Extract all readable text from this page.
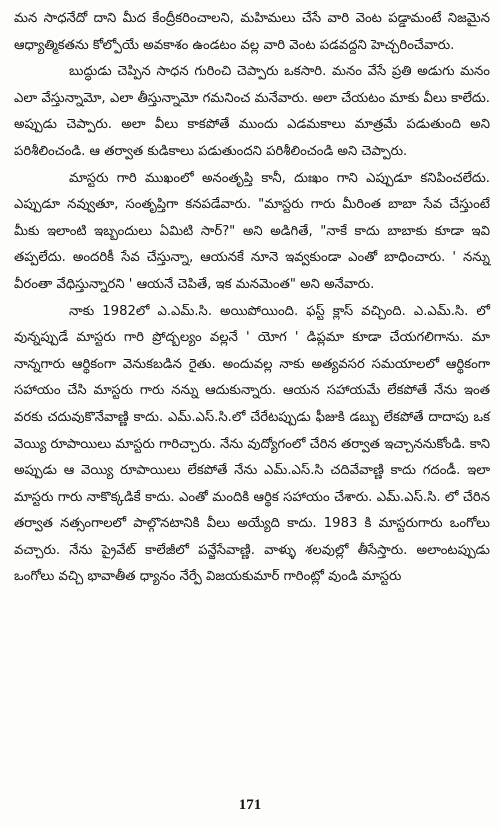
మన సాధనేదో దాని మీద కేంద్రీకరించాలని, మహిమలు చేసే వారి వెంట పడ్డామంటే నిజమైన ఆధ్యాత్మికతను కోల్పోయే అవకాశం ఉండటం వల్ల వారి వెంట పడవద్దని హెచ్చరించేవారు.

బుద్ధుడు చెప్పిన సాధన గురించి చెప్పారు ఒకసారి. మనం వేసే ప్రతి అడుగు మనం ఎలా వేస్తున్నామో, ఎలా తీస్తున్నామో గమనించ మనేవారు. అలా చేయటం మాకు వీలు కాలేదు. అప్పుడు చెప్పారు. అలా వీలు కాకపోతే ముందు ఎడమకాలు మాత్రమే పడుతుంది అని పరిశీలించండి. ఆ తర్వాత కుడికాలు పడుతుందని పరిశీలించండి అని చెప్పారు.

మాస్టరు గారి ముఖంలో అనంతృప్తి కానీ, దుఃఖం గాని ఎప్పుడూ కనిపించలేదు. ఎప్పుడూ నవ్వుతూ, సంతృప్తిగా కనపడేవారు. "మాస్టరు గారు మీరింత బాబా సేవ చేస్తుంటే మీకు ఇలాంటి ఇబ్బందులు ఏమిటి సార్?" అని అడిగితే, "నాకే కాదు బాబాకు కూడా ఇవి తప్పలేదు. అందరికీ సేవ చేస్తున్నా, ఆయనకే నూనె ఇవ్వకుండా ఎంతో బాధించారు. ' నన్ను వీరంతా వేధిస్తున్నారని ' ఆయనే చెపితే, ఇక మనమెంత" అని అనేవారు.

నాకు 1982లో ఎ.ఎమ్.సి. అయిపోయింది. ఫస్ట్ క్లాస్ వచ్చింది. ఎ.ఎమ్.సి. లో వున్నప్పుడే మాస్టరు గారి ప్రోద్బల్యం వల్లనే ' యోగ ' డిప్లమా కూడా చేయగలిగాను. మా నాన్నగారు ఆర్థికంగా వెనుకబడిన రైతు. అందువల్ల నాకు అత్యవసర సమయాలలో ఆర్థికంగా సహాయం చేసి మాస్టరు గారు నన్ను ఆదుకున్నారు. ఆయన సహాయమే లేకపోతే నేను ఇంత వరకు చదువుకొనేవాణ్ణి కాదు. ఎమ్.ఎస్.సి.లో చేరేటప్పుడు ఫీజుకి డబ్బు లేకపోతే దాదాపు ఒక వెయ్యి రూపాయిలు మాస్టరు గారిచ్చారు. నేను వుద్యోగంలో చేరిన తర్వాత ఇచ్చాననుకోండి. కాని అప్పుడు ఆ వెయ్యి రూపాయిలు లేకపోతే నేను ఎమ్.ఎస్.సి చదివేవాణ్ణి కాదు గదండీ. ఇలా మాస్టరు గారు నాకొక్కడికే కాదు. ఎంతో మందికి ఆర్థిక సహాయం చేశారు. ఎమ్.ఎస్.సి. లో చేరిన తర్వాత నత్సంగాలలో పాల్గొనటానికి వీలు అయ్యేది కాదు. 1983 కి మాస్టరుగారు ఒంగోలు వచ్చారు. నేను ప్రైవేట్ కాలేజీలో పన్జేసేవాణ్ణి. వాళ్ళు శలవుల్లో తీసేస్తారు. అలాంటప్పుడు ఒంగోలు వచ్చి భావాతీత ధ్యానం నేర్పే విజయకుమార్ గారింట్లో వుండి మాస్టరు

171
